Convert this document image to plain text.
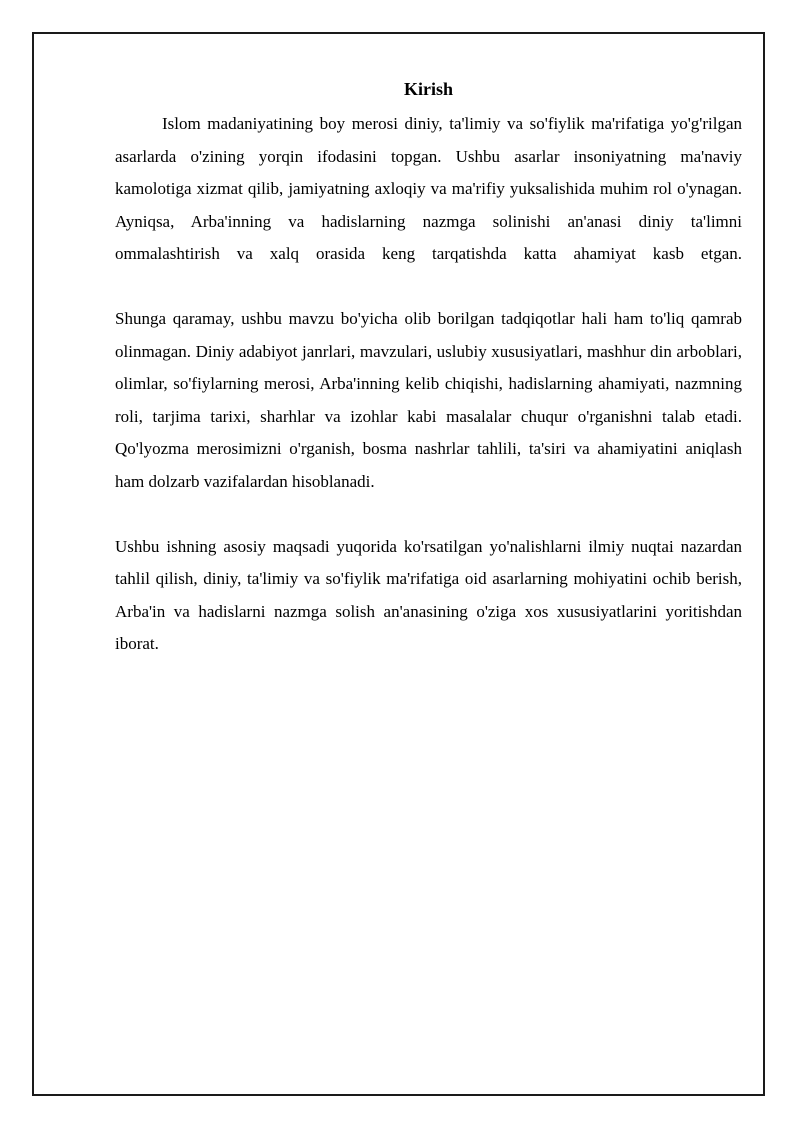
Kirish

Islom madaniyatining boy merosi diniy, ta'limiy va so'fiylik ma'rifatiga yo'g'rilgan asarlarda o'zining yorqin ifodasini topgan. Ushbu asarlar insoniyatning ma'naviy kamolotiga xizmat qilib, jamiyatning axloqiy va ma'rifiy yuksalishida muhim rol o'ynagan. Ayniqsa, Arba'inning va hadislarning nazmga solinishi an'anasi diniy ta'limni ommalashtirish va xalq orasida keng tarqatishda katta ahamiyat kasb etgan.

Shunga qaramay, ushbu mavzu bo'yicha olib borilgan tadqiqotlar hali ham to'liq qamrab olinmagan. Diniy adabiyot janrlari, mavzulari, uslubiy xususiyatlari, mashhur din arboblari, olimlar, so'fiylarning merosi, Arba'inning kelib chiqishi, hadislarning ahamiyati, nazmning roli, tarjima tarixi, sharhlar va izohlar kabi masalalar chuqur o'rganishni talab etadi. Qo'lyozma merosimizni o'rganish, bosma nashrlar tahlili, ta'siri va ahamiyatini aniqlash ham dolzarb vazifalardan hisoblanadi.

Ushbu ishning asosiy maqsadi yuqorida ko'rsatilgan yo'nalishlarni ilmiy nuqtai nazardan tahlil qilish, diniy, ta'limiy va so'fiylik ma'rifatiga oid asarlarning mohiyatini ochib berish, Arba'in va hadislarni nazmga solish an'anasining o'ziga xos xususiyatlarini yoritishdan iborat.
